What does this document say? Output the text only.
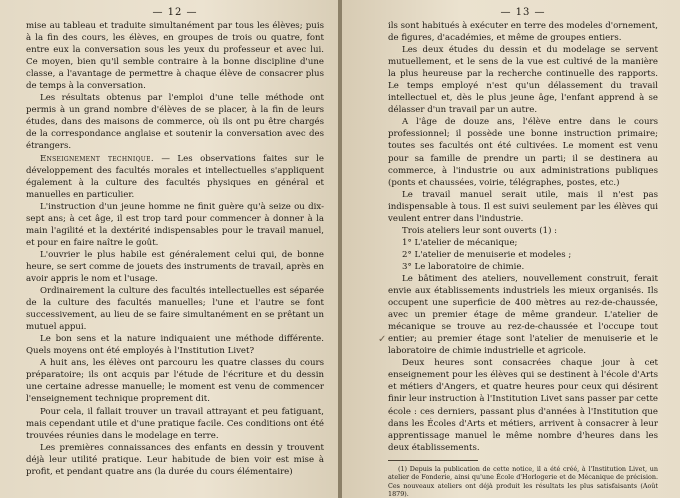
— 12 —

mise au tableau et traduite simultanément par tous les élèves; puis à la fin des cours, les élèves, en groupes de trois ou quatre, font entre eux la conversation sous les yeux du professeur et avec lui. Ce moyen, bien qu'il semble contraire à la bonne discipline d'une classe, a l'avantage de permettre à chaque élève de consacrer plus de temps à la conversation.

Les résultats obtenus par l'emploi d'une telle méthode ont permis à un grand nombre d'élèves de se placer, à la fin de leurs études, dans des maisons de commerce, où ils ont pu être chargés de la correspondance anglaise et soutenir la conversation avec des étrangers.

Enseignement technique. — Les observations faites sur le développement des facultés morales et intellectuelles s'appliquent également à la culture des facultés physiques en général et manuelles en particulier.

L'instruction d'un jeune homme ne finit guère qu'à seize ou dix-sept ans; à cet âge, il est trop tard pour commencer à donner à la main l'agilité et la dextérité indispensables pour le travail manuel, et pour en faire naître le goût.

L'ouvrier le plus habile est généralement celui qui, de bonne heure, se sert comme de jouets des instruments de travail, après en avoir appris le nom et l'usage.

Ordinairement la culture des facultés intellectuelles est séparée de la culture des facultés manuelles; l'une et l'autre se font successivement, au lieu de se faire simultanément en se prêtant un mutuel appui.

Le bon sens et la nature indiquaient une méthode différente. Quels moyens ont été employés à l'Institution Livet?

A huit ans, les élèves ont parcouru les quatre classes du cours préparatoire; ils ont acquis par l'étude de l'écriture et du dessin une certaine adresse manuelle; le moment est venu de commencer l'enseignement technique proprement dit.

Pour cela, il fallait trouver un travail attrayant et peu fatiguant, mais cependant utile et d'une pratique facile. Ces conditions ont été trouvées réunies dans le modelage en terre.

Les premières connaissances des enfants en dessin y trouvent déjà leur utilité pratique. Leur habitude de bien voir est mise à profit, et pendant quatre ans (la durée du cours élémentaire)

✓
— 13 —

ils sont habitués à exécuter en terre des modeles d'ornement, de figures, d'académies, et même de groupes entiers.

Les deux études du dessin et du modelage se servent mutuellement, et le sens de la vue est cultivé de la manière la plus heureuse par la recherche continuelle des rapports. Le temps employé n'est qu'un délassement du travail intellectuel et, dès le plus jeune âge, l'enfant apprend à se délasser d'un travail par un autre.

A l'âge de douze ans, l'élève entre dans le cours professionnel; il possède une bonne instruction primaire; toutes ses facultés ont été cultivées. Le moment est venu pour sa famille de prendre un parti; il se destinera au commerce, à l'industrie ou aux administrations publiques (ponts et chaussées, voirie, télégraphes, postes, etc.)

Le travail manuel serait utile, mais il n'est pas indispensable à tous. Il est suivi seulement par les élèves qui veulent entrer dans l'industrie.

Trois ateliers leur sont ouverts (1) :

1° L'atelier de mécanique;

2° L'atelier de menuiserie et modeles ;

3° Le laboratoire de chimie.

Le bâtiment des ateliers, nouvellement construit, ferait envie aux établissements industriels les mieux organisés. Ils occupent une superficie de 400 mètres au rez-de-chaussée, avec un premier étage de même grandeur. L'atelier de mécanique se trouve au rez-de-chaussée et l'occupe tout entier; au premier étage sont l'atelier de menuiserie et le laboratoire de chimie industrielle et agricole.

Deux heures sont consacrées chaque jour à cet enseignement pour les élèves qui se destinent à l'école d'Arts et métiers d'Angers, et quatre heures pour ceux qui désirent finir leur instruction à l'Institution Livet sans passer par cette école : ces derniers, passant plus d'années à l'Institution que dans les Écoles d'Arts et métiers, arrivent à consacrer à leur apprentissage manuel le même nombre d'heures dans les deux établissements.

(1) Depuis la publication de cette notice, il a été créé, à l'Institution Livet, un atelier de Fonderie, ainsi qu'une École d'Horlogerie et de Mécanique de précision. Ces nouveaux ateliers ont déjà produit les résultats les plus satisfaisants (Août 1879).
